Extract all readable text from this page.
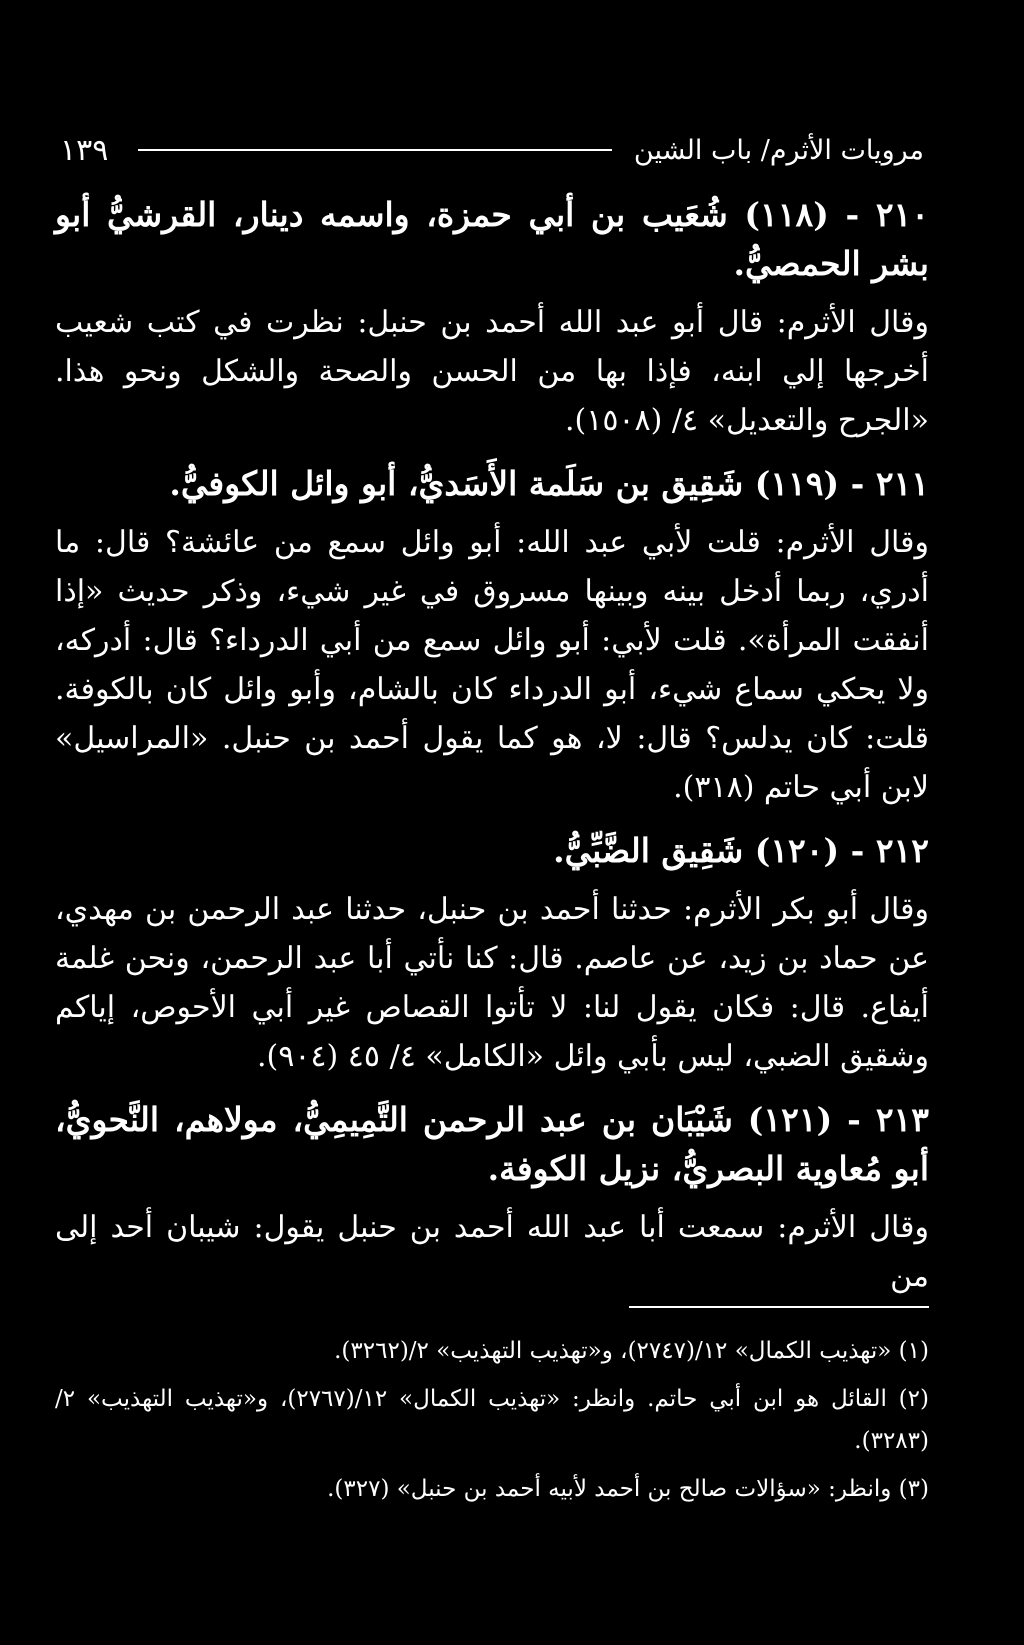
١٣٩	مرويات الأثرم/ باب الشين

٢١٠ - (١١٨) شُعَيب بن أبي حمزة، واسمه دينار، القرشيُّ أبو بشر الحمصيُّ.

وقال الأثرم: قال أبو عبد الله أحمد بن حنبل: نظرت في كتب شعيب أخرجها إلي ابنه، فإذا بها من الحسن والصحة والشكل ونحو هذا. «الجرح والتعديل» ٤/ (١٥٠٨).

٢١١ - (١١٩) شَقِيق بن سَلَمة الأَسَديُّ، أبو وائل الكوفيُّ.

وقال الأثرم: قلت لأبي عبد الله: أبو وائل سمع من عائشة؟ قال: ما أدري، ربما أدخل بينه وبينها مسروق في غير شيء، وذكر حديث «إذا أنفقت المرأة». قلت لأبي: أبو وائل سمع من أبي الدرداء؟ قال: أدركه، ولا يحكي سماع شيء، أبو الدرداء كان بالشام، وأبو وائل كان بالكوفة. قلت: كان يدلس؟ قال: لا، هو كما يقول أحمد بن حنبل. «المراسيل» لابن أبي حاتم (٣١٨).

٢١٢ - (١٢٠) شَقِيق الضَّبِّيُّ.

وقال أبو بكر الأثرم: حدثنا أحمد بن حنبل، حدثنا عبد الرحمن بن مهدي، عن حماد بن زيد، عن عاصم. قال: كنا نأتي أبا عبد الرحمن، ونحن غلمة أيفاع. قال: فكان يقول لنا: لا تأتوا القصاص غير أبي الأحوص، إياكم وشقيق الضبي، ليس بأبي وائل «الكامل» ٤/ ٤٥ (٩٠٤).

٢١٣ - (١٢١) شَيْبَان بن عبد الرحمن التَّمِيمِيُّ، مولاهم، النَّحويُّ، أبو مُعاوية البصريُّ، نزيل الكوفة.

وقال الأثرم: سمعت أبا عبد الله أحمد بن حنبل يقول: شيبان أحد إلى من

(١) «تهذيب الكمال» ١٢/(٢٧٤٧)، و«تهذيب التهذيب» ٢/(٣٢٦٢).

(٢) القائل هو ابن أبي حاتم. وانظر: «تهذيب الكمال» ١٢/(٢٧٦٧)، و«تهذيب التهذيب» ٢/ (٣٢٨٣).

(٣) وانظر: «سؤالات صالح بن أحمد لأبيه أحمد بن حنبل» (٣٢٧).
